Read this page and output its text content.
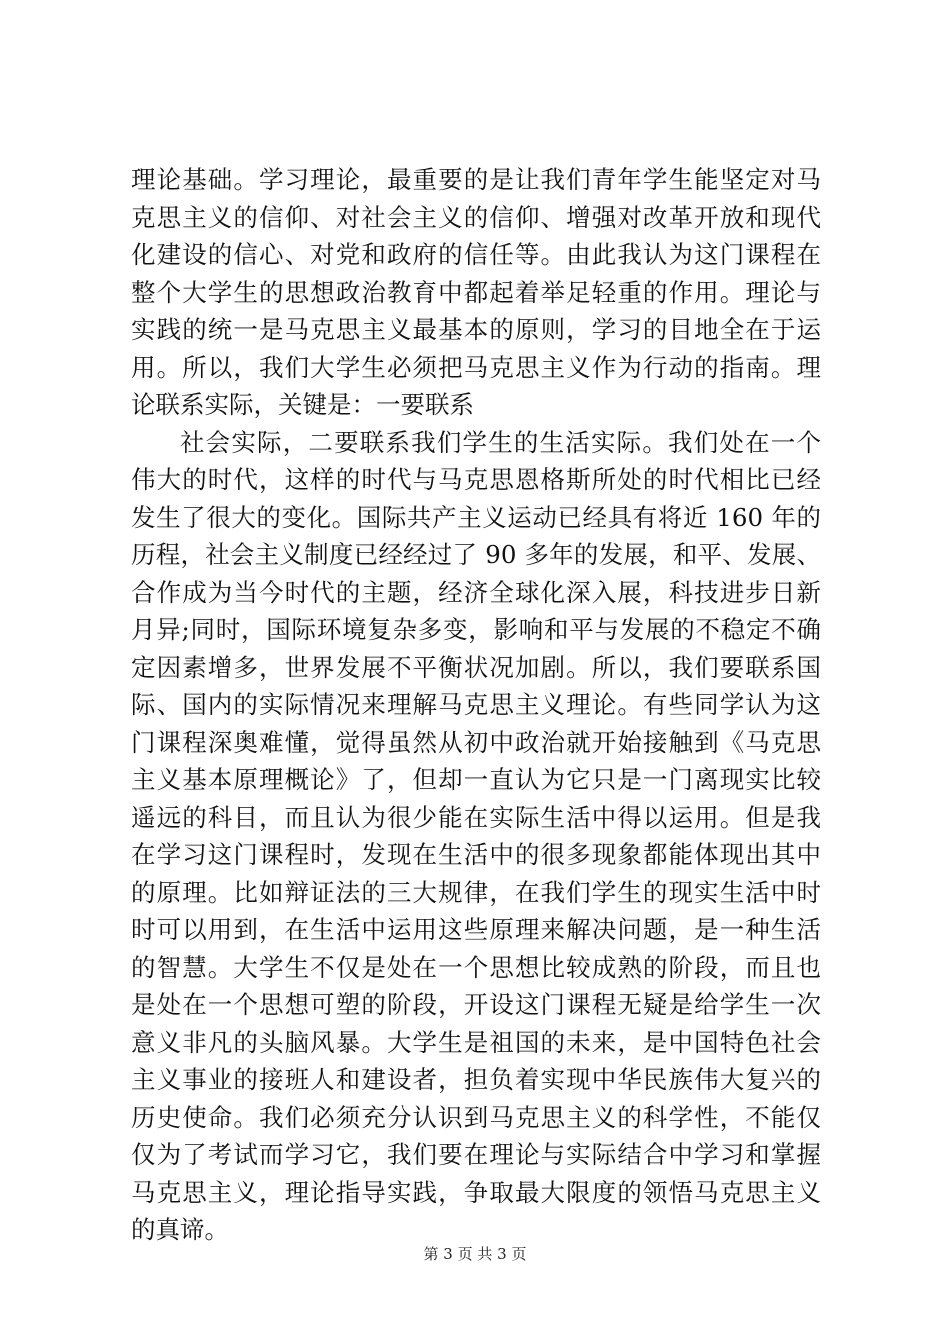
理论基础。学习理论，最重要的是让我们青年学生能坚定对马
克思主义的信仰、对社会主义的信仰、增强对改革开放和现代
化建设的信心、对党和政府的信任等。由此我认为这门课程在
整个大学生的思想政治教育中都起着举足轻重的作用。理论与
实践的统一是马克思主义最基本的原则，学习的目地全在于运
用。所以，我们大学生必须把马克思主义作为行动的指南。理
论联系实际，关键是：一要联系
社会实际，二要联系我们学生的生活实际。我们处在一个
伟大的时代，这样的时代与马克思恩格斯所处的时代相比已经
发生了很大的变化。国际共产主义运动已经具有将近 160 年的
历程，社会主义制度已经经过了 90 多年的发展，和平、发展、
合作成为当今时代的主题，经济全球化深入展，科技进步日新
月异;同时，国际环境复杂多变，影响和平与发展的不稳定不确
定因素增多，世界发展不平衡状况加剧。所以，我们要联系国
际、国内的实际情况来理解马克思主义理论。有些同学认为这
门课程深奥难懂，觉得虽然从初中政治就开始接触到《马克思
主义基本原理概论》了，但却一直认为它只是一门离现实比较
遥远的科目，而且认为很少能在实际生活中得以运用。但是我
在学习这门课程时，发现在生活中的很多现象都能体现出其中
的原理。比如辩证法的三大规律，在我们学生的现实生活中时
时可以用到，在生活中运用这些原理来解决问题，是一种生活
的智慧。大学生不仅是处在一个思想比较成熟的阶段，而且也
是处在一个思想可塑的阶段，开设这门课程无疑是给学生一次
意义非凡的头脑风暴。大学生是祖国的未来，是中国特色社会
主义事业的接班人和建设者，担负着实现中华民族伟大复兴的
历史使命。我们必须充分认识到马克思主义的科学性，不能仅
仅为了考试而学习它，我们要在理论与实际结合中学习和掌握
马克思主义，理论指导实践，争取最大限度的领悟马克思主义
的真谛。
第 3 页 共 3 页
